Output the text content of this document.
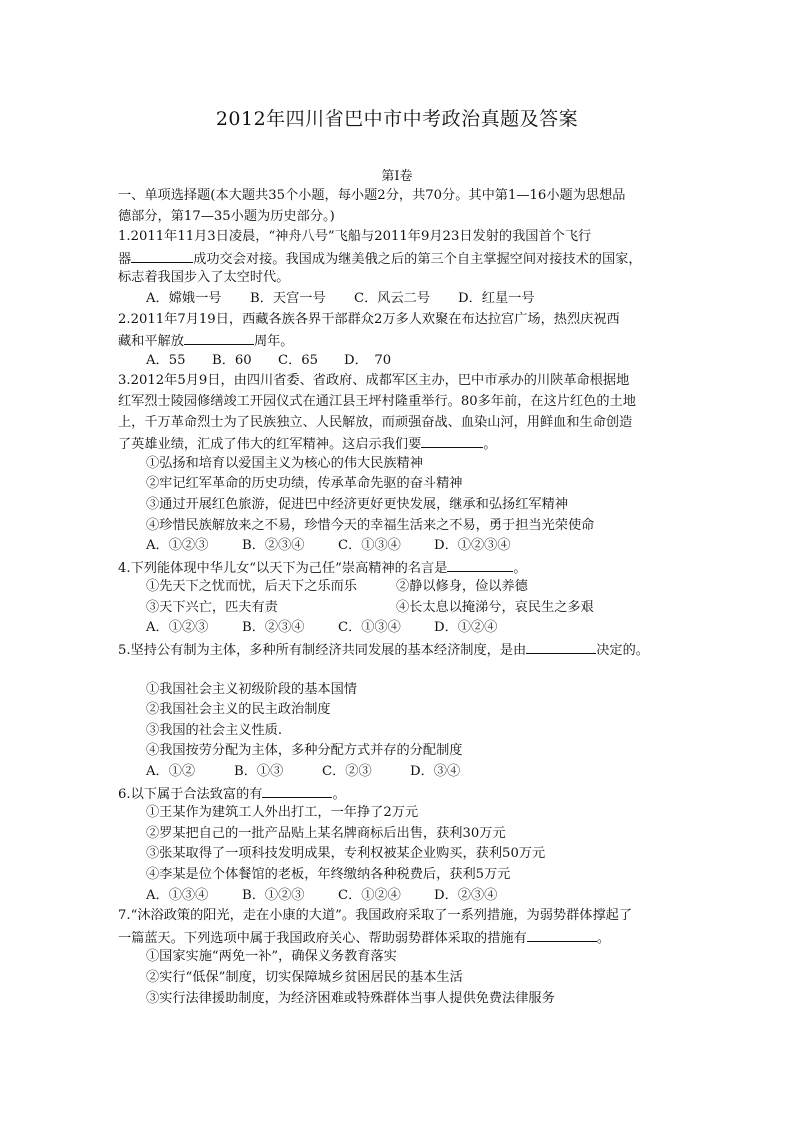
2012年四川省巴中市中考政治真题及答案
第Ⅰ卷
一、单项选择题(本大题共35个小题，每小题2分，共70分。其中第1—16小题为思想品
德部分，第17—35小题为历史部分。)
1.2011年11月3日凌晨，“神舟八号”飞船与2011年9月23日发射的我国首个飞行
器	成功交会对接。我国成为继美俄之后的第三个自主掌握空间对接技术的国家，
标志着我国步入了太空时代。
A．嫦娥一号 B．天宫一号 C．风云二号 D．红星一号
2.2011年7月19日，西藏各族各界干部群众2万多人欢聚在布达拉宫广场，热烈庆祝西
藏和平解放	周年。
A．55 B．60 C．65 D．　70
3.2012年5月9日，由四川省委、省政府、成都军区主办，巴中市承办的川陕革命根据地
红军烈士陵园修缮竣工开园仪式在通江县王坪村隆重举行。80多年前，在这片红色的土地
上，千万革命烈士为了民族独立、人民解放，而顽强奋战、血染山河，用鲜血和生命创造
了英雄业绩，汇成了伟大的红军精神。这启示我们要	。
①弘扬和培育以爱国主义为核心的伟大民族精神
②牢记红军革命的历史功绩，传承革命先驱的奋斗精神
③通过开展红色旅游，促进巴中经济更好更快发展，继承和弘扬红军精神
④珍惜民族解放来之不易，珍惜今天的幸福生活来之不易，勇于担当光荣使命
A．①②③	B．②③④	C．①③④	D．①②③④
4.下列能体现中华儿女“以天下为己任”崇高精神的名言是	。
①先天下之忧而忧，后天下之乐而乐	②静以修身，俭以养德
③天下兴亡，匹夫有责	④长太息以掩涕兮，哀民生之多艰
A．①②③	B．②③④	C．①③④	D．①②④
5.坚持公有制为主体，多种所有制经济共同发展的基本经济制度，是由	决定的。
①我国社会主义初级阶段的基本国情
②我国社会主义的民主政治制度
③我国的社会主义性质.
④我国按劳分配为主体，多种分配方式并存的分配制度
A．①②	B．①③	C．②③	D．③④
6.以下属于合法致富的有	。
①王某作为建筑工人外出打工，一年挣了2万元
②罗某把自己的一批产品贴上某名牌商标后出售，获利30万元
③张某取得了一项科技发明成果，专利权被某企业购买，获利50万元
④李某是位个体餐馆的老板，年终缴纳各种税费后，获利5万元
A．①③④	B．①②③	C．①②④	D．②③④
7.“沐浴政策的阳光，走在小康的大道”。我国政府采取了一系列措施，为弱势群体撑起了
一篇蓝天。下列选项中属于我国政府关心、帮助弱势群体采取的措施有	。
①国家实施“两免一补”，确保义务教育落实
②实行“低保”制度，切实保障城乡贫困居民的基本生活
③实行法律援助制度，为经济困难或特殊群体当事人提供免费法律服务
